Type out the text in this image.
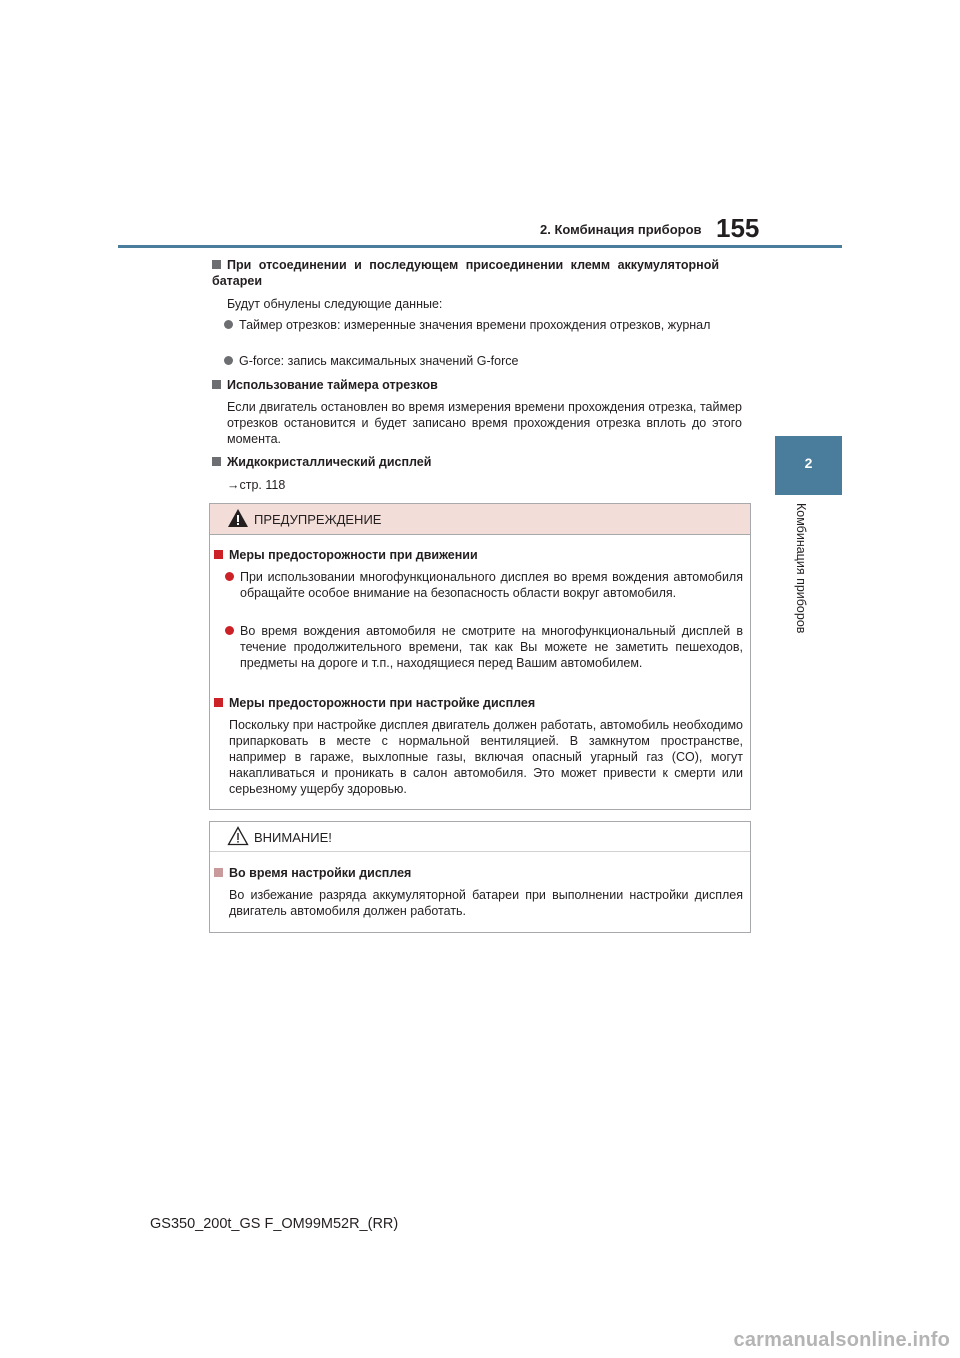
2. Комбинация приборов 155
2
Комбинация приборов
При отсоединении и последующем присоединении клемм аккумуляторной батареи
Будут обнулены следующие данные:
Таймер отрезков: измеренные значения времени прохождения отрезков, журнал
G-force: запись максимальных значений G-force
Использование таймера отрезков
Если двигатель остановлен во время измерения времени прохождения отрезка, таймер отрезков остановится и будет записано время прохождения отрезка вплоть до этого момента.
Жидкокристаллический дисплей
→стр. 118
ПРЕДУПРЕЖДЕНИЕ
Меры предосторожности при движении
При использовании многофункционального дисплея во время вождения автомобиля обращайте особое внимание на безопасность области вокруг автомобиля.
Во время вождения автомобиля не смотрите на многофункциональный дисплей в течение продолжительного времени, так как Вы можете не заметить пешеходов, предметы на дороге и т.п., находящиеся перед Вашим автомобилем.
Меры предосторожности при настройке дисплея
Поскольку при настройке дисплея двигатель должен работать, автомобиль необходимо припарковать в месте с нормальной вентиляцией. В замкнутом пространстве, например в гараже, выхлопные газы, включая опасный угарный газ (CO), могут накапливаться и проникать в салон автомобиля. Это может привести к смерти или серьезному ущербу здоровью.
ВНИМАНИЕ!
Во время настройки дисплея
Во избежание разряда аккумуляторной батареи при выполнении настройки дисплея двигатель автомобиля должен работать.
GS350_200t_GS F_OM99M52R_(RR)
carmanualsonline.info
